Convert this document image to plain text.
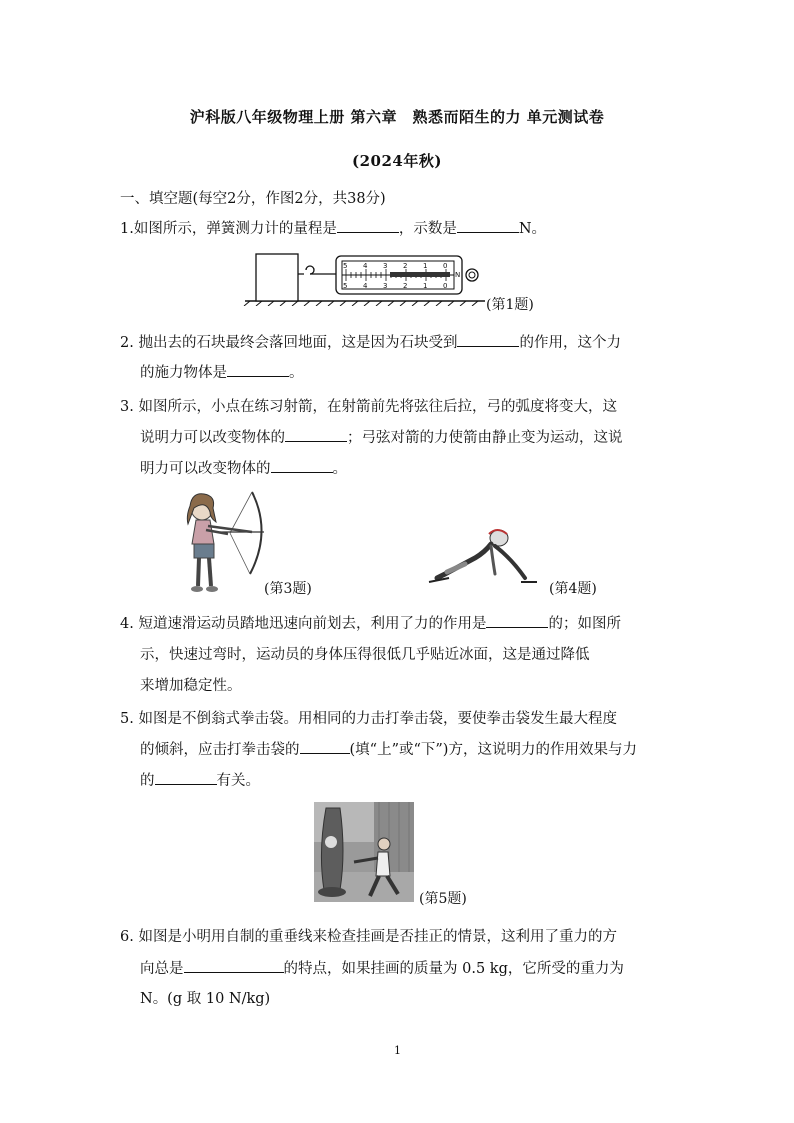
沪科版八年级物理上册 第六章　熟悉而陌生的力 单元测试卷
(2024年秋)
一、填空题(每空2分，作图2分，共38分)
1.如图所示，弹簧测力计的量程是	，示数是	N。
5 4 3 2 1 0
5 4 3 2 1 0
N
(第1题)
2. 抛出去的石块最终会落回地面，这是因为石块受到	的作用，这个力
的施力物体是	。
3. 如图所示，小点在练习射箭，在射箭前先将弦往后拉，弓的弧度将变大，这
说明力可以改变物体的	；弓弦对箭的力使箭由静止变为运动，这说
明力可以改变物体的	。
(第3题)	(第4题)
4. 短道速滑运动员踏地迅速向前划去，利用了力的作用是	的；如图所
示，快速过弯时，运动员的身体压得很低几乎贴近冰面，这是通过降低
来增加稳定性。
5. 如图是不倒翁式拳击袋。用相同的力击打拳击袋，要使拳击袋发生最大程度
的倾斜，应击打拳击袋的	(填“上”或“下”)方，这说明力的作用效果与力
的	有关。
(第5题)
6. 如图是小明用自制的重垂线来检查挂画是否挂正的情景，这利用了重力的方
向总是	的特点，如果挂画的质量为 0.5 kg，它所受的重力为
N。(g 取 10 N/kg)
1
